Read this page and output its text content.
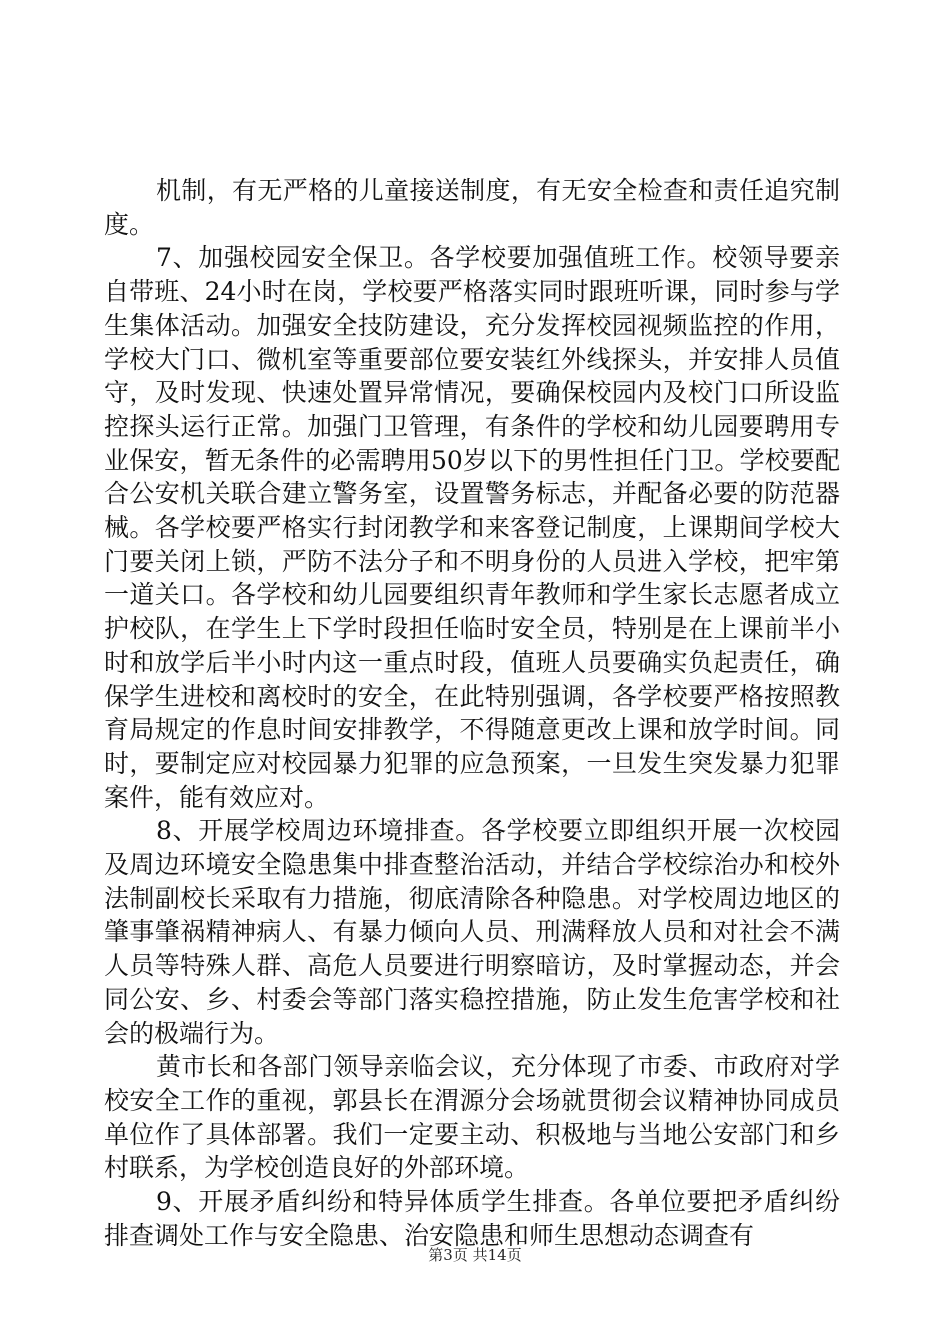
机制，有无严格的儿童接送制度，有无安全检查和责任追究制度。

7、加强校园安全保卫。各学校要加强值班工作。校领导要亲自带班、24小时在岗，学校要严格落实同时跟班听课，同时参与学生集体活动。加强安全技防建设，充分发挥校园视频监控的作用，学校大门口、微机室等重要部位要安装红外线探头，并安排人员值守，及时发现、快速处置异常情况，要确保校园内及校门口所设监控探头运行正常。加强门卫管理，有条件的学校和幼儿园要聘用专业保安，暂无条件的必需聘用50岁以下的男性担任门卫。学校要配合公安机关联合建立警务室，设置警务标志，并配备必要的防范器械。各学校要严格实行封闭教学和来客登记制度，上课期间学校大门要关闭上锁，严防不法分子和不明身份的人员进入学校，把牢第一道关口。各学校和幼儿园要组织青年教师和学生家长志愿者成立护校队，在学生上下学时段担任临时安全员，特别是在上课前半小时和放学后半小时内这一重点时段，值班人员要确实负起责任，确保学生进校和离校时的安全，在此特别强调，各学校要严格按照教育局规定的作息时间安排教学，不得随意更改上课和放学时间。同时，要制定应对校园暴力犯罪的应急预案，一旦发生突发暴力犯罪案件，能有效应对。

8、开展学校周边环境排查。各学校要立即组织开展一次校园及周边环境安全隐患集中排查整治活动，并结合学校综治办和校外法制副校长采取有力措施，彻底清除各种隐患。对学校周边地区的肇事肇祸精神病人、有暴力倾向人员、刑满释放人员和对社会不满人员等特殊人群、高危人员要进行明察暗访，及时掌握动态，并会同公安、乡、村委会等部门落实稳控措施，防止发生危害学校和社会的极端行为。

黄市长和各部门领导亲临会议，充分体现了市委、市政府对学校安全工作的重视，郭县长在渭源分会场就贯彻会议精神协同成员单位作了具体部署。我们一定要主动、积极地与当地公安部门和乡村联系，为学校创造良好的外部环境。

9、开展矛盾纠纷和特异体质学生排查。各单位要把矛盾纠纷排查调处工作与安全隐患、治安隐患和师生思想动态调查有

第3页 共14页
